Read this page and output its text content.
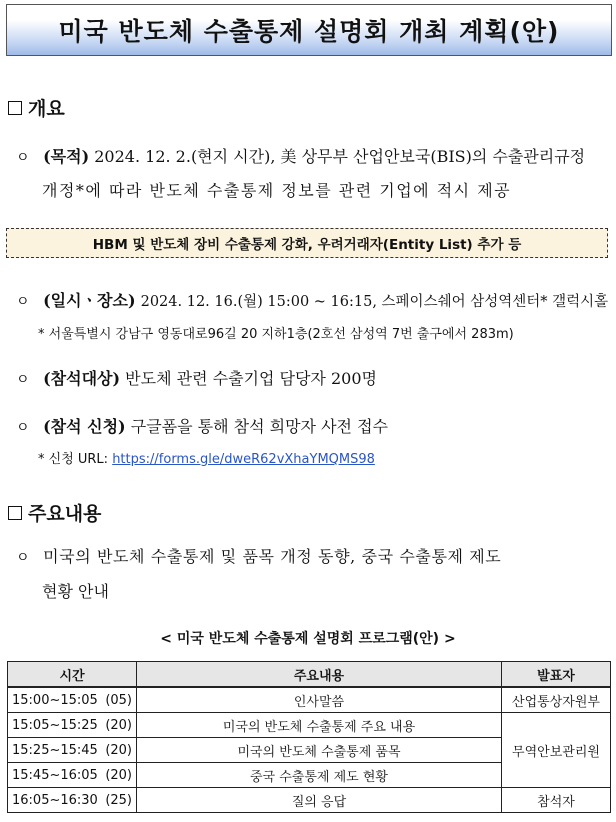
미국 반도체 수출통제 설명회 개최 계획(안)
개요
ㅇ (목적) 2024. 12. 2.(현지 시간), 美 상무부 산업안보국(BIS)의 수출관리규정
개정*에 따라 반도체 수출통제 정보를 관련 기업에 적시 제공
HBM 및 반도체 장비 수출통제 강화, 우려거래자(Entity List) 추가 등
ㅇ (일시ㆍ장소) 2024. 12. 16.(월) 15:00 ~ 16:15, 스페이스쉐어 삼성역센터* 갤럭시홀
* 서울특별시 강남구 영동대로96길 20 지하1층(2호선 삼성역 7번 출구에서 283m)
ㅇ (참석대상) 반도체 관련 수출기업 담당자 200명
ㅇ (참석 신청) 구글폼을 통해 참석 희망자 사전 접수
* 신청 URL: https://forms.gle/dweR62vXhaYMQMS98
주요내용
ㅇ 미국의 반도체 수출통제 및 품목 개정 동향, 중국 수출통제 제도
현황 안내
< 미국 반도체 수출통제 설명회 프로그램(안) >
시간	주요내용	발표자

15:00~15:05 (05)	인사말씀	산업통상자원부

15:05~15:25 (20)	미국의 반도체 수출통제 주요 내용	무역안보관리원

15:25~15:45 (20)	미국의 반도체 수출통제 품목	

15:45~16:05 (20)	중국 수출통제 제도 현황	

16:05~16:30 (25)	질의 응답	참석자
